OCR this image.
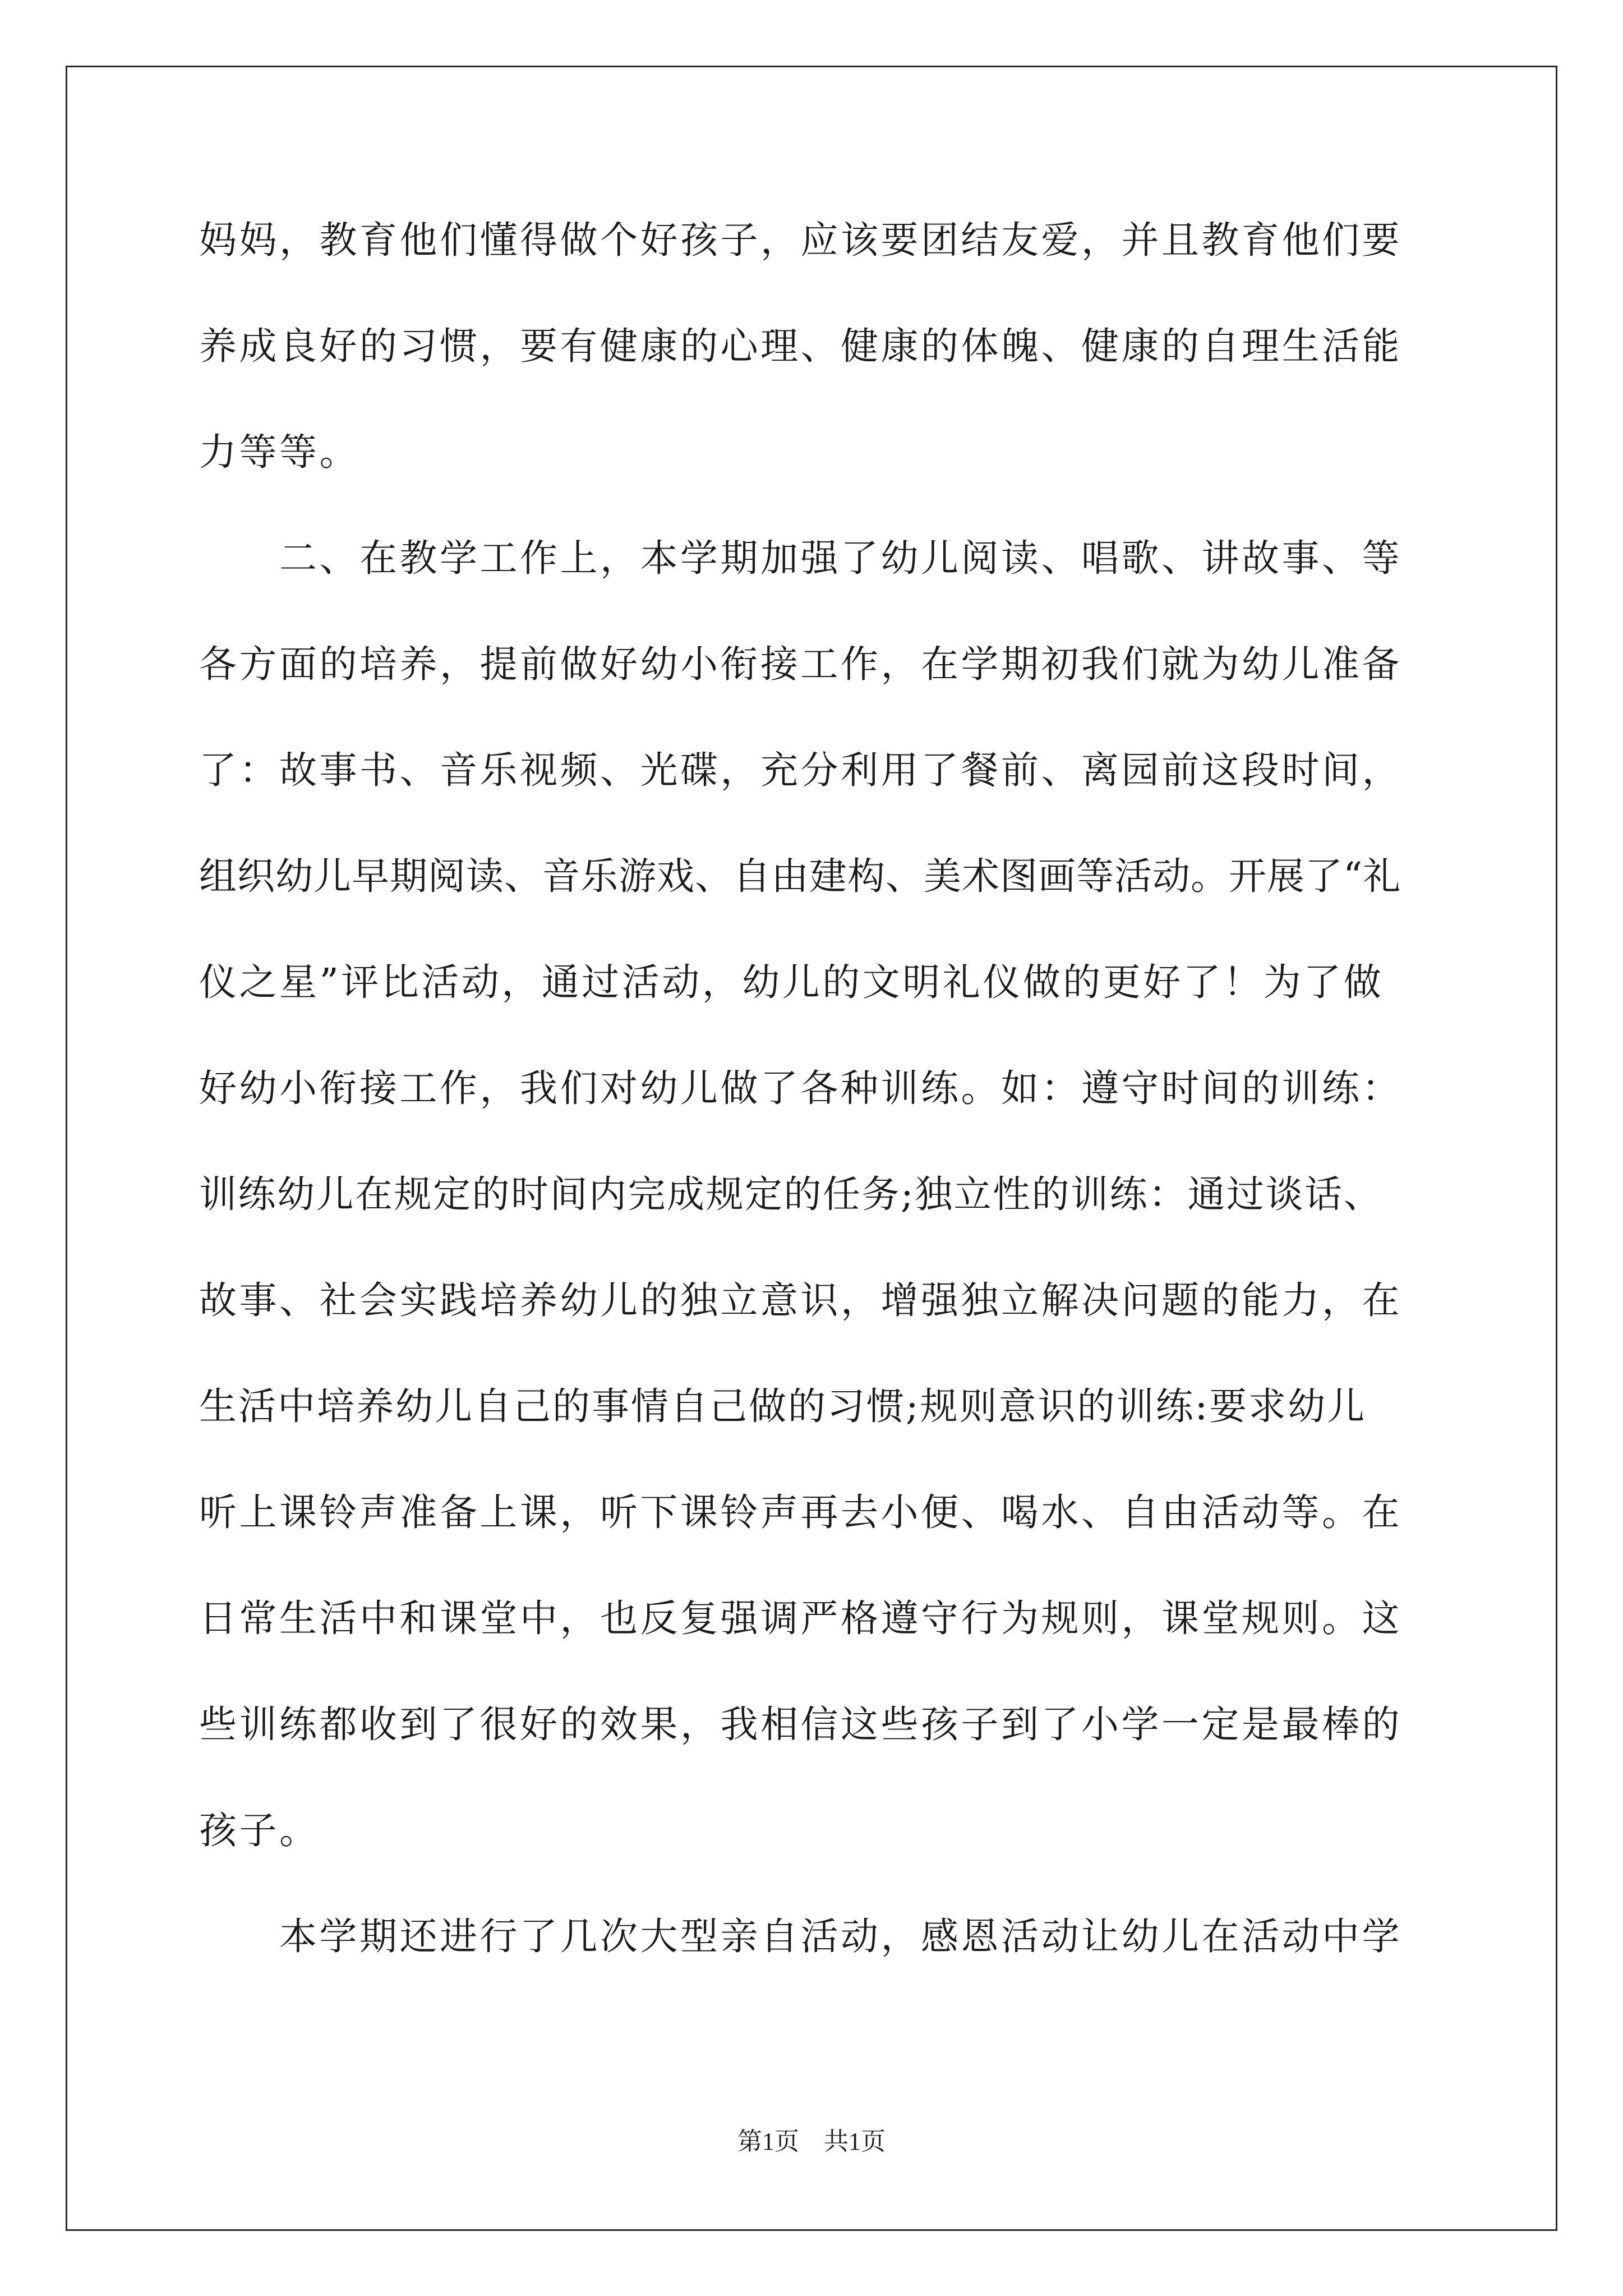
妈妈，教育他们懂得做个好孩子，应该要团结友爱，并且教育他们要
养成良好的习惯，要有健康的心理、健康的体魄、健康的自理生活能
力等等。
　　二、在教学工作上，本学期加强了幼儿阅读、唱歌、讲故事、等
各方面的培养，提前做好幼小衔接工作，在学期初我们就为幼儿准备
了：故事书、音乐视频、光碟，充分利用了餐前、离园前这段时间，
组织幼儿早期阅读、音乐游戏、自由建构、美术图画等活动。开展了“礼
仪之星”评比活动，通过活动，幼儿的文明礼仪做的更好了！为了做
好幼小衔接工作，我们对幼儿做了各种训练。如：遵守时间的训练：
训练幼儿在规定的时间内完成规定的任务;独立性的训练：通过谈话、
故事、社会实践培养幼儿的独立意识，增强独立解决问题的能力，在
生活中培养幼儿自己的事情自己做的习惯;规则意识的训练:要求幼儿
听上课铃声准备上课，听下课铃声再去小便、喝水、自由活动等。在
日常生活中和课堂中，也反复强调严格遵守行为规则，课堂规则。这
些训练都收到了很好的效果，我相信这些孩子到了小学一定是最棒的
孩子。
　　本学期还进行了几次大型亲自活动，感恩活动让幼儿在活动中学
第1页 共1页
